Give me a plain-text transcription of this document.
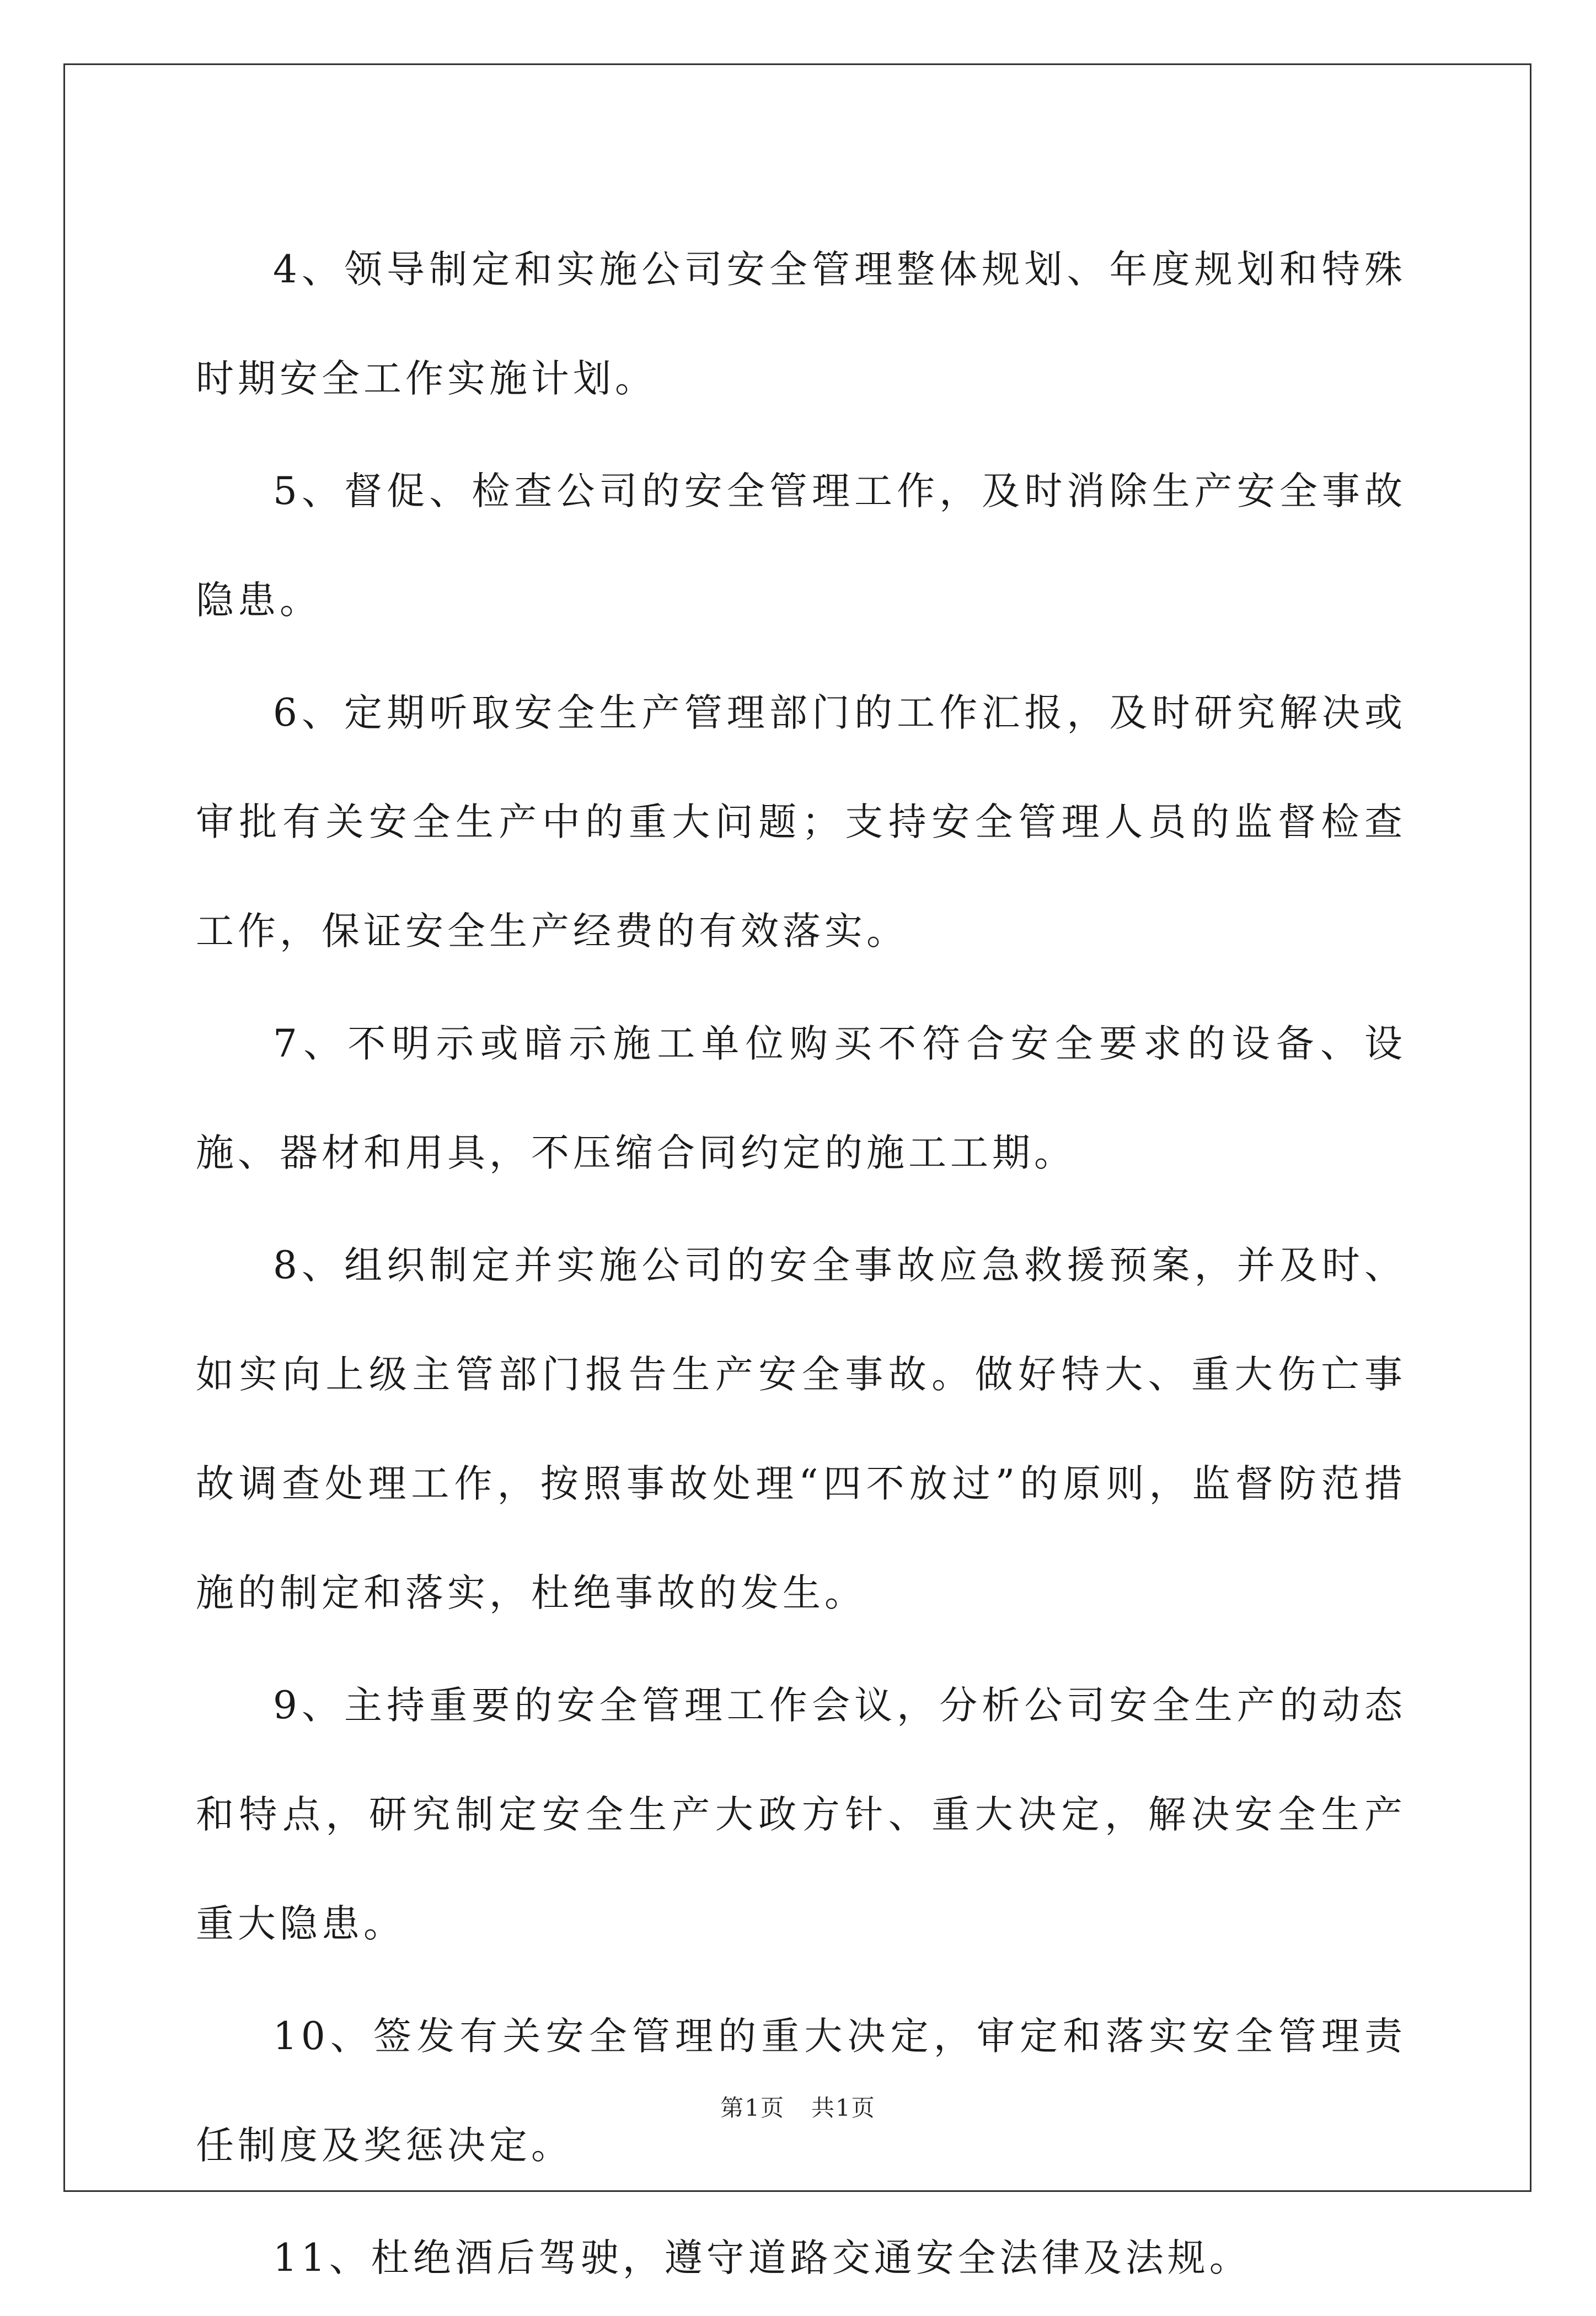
4、领导制定和实施公司安全管理整体规划、年度规划和特殊时期安全工作实施计划。

5、督促、检查公司的安全管理工作，及时消除生产安全事故隐患。

6、定期听取安全生产管理部门的工作汇报，及时研究解决或审批有关安全生产中的重大问题；支持安全管理人员的监督检查工作，保证安全生产经费的有效落实。

7、不明示或暗示施工单位购买不符合安全要求的设备、设施、器材和用具，不压缩合同约定的施工工期。

8、组织制定并实施公司的安全事故应急救援预案，并及时、如实向上级主管部门报告生产安全事故。做好特大、重大伤亡事故调查处理工作，按照事故处理“四不放过”的原则，监督防范措施的制定和落实，杜绝事故的发生。

9、主持重要的安全管理工作会议，分析公司安全生产的动态和特点，研究制定安全生产大政方针、重大决定，解决安全生产重大隐患。

10、签发有关安全管理的重大决定，审定和落实安全管理责任制度及奖惩决定。

11、杜绝酒后驾驶，遵守道路交通安全法律及法规。

第1页 共1页
